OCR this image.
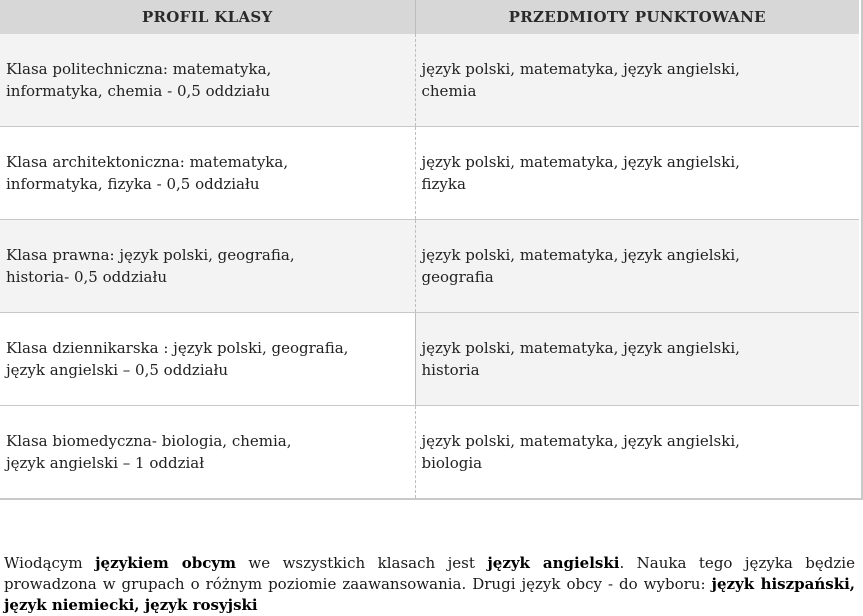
PROFIL KLASY	PRZEDMIOTY PUNKTOWANE
Klasa politechniczna: matematyka,
informatyka, chemia - 0,5 oddziału	język polski, matematyka, język angielski,
chemia
Klasa architektoniczna: matematyka,
informatyka, fizyka - 0,5 oddziału	język polski, matematyka, język angielski,
fizyka
Klasa prawna: język polski, geografia,
historia- 0,5 oddziału	język polski, matematyka, język angielski,
geografia
Klasa dziennikarska : język polski, geografia,
język angielski – 0,5 oddziału	język polski, matematyka, język angielski,
historia
Klasa biomedyczna- biologia, chemia,
język angielski – 1 oddział	język polski, matematyka, język angielski,
biologia

Wiodącym językiem obcym we wszystkich klasach jest język angielski. Nauka tego języka będzie prowadzona w grupach o różnym poziomie zaawansowania. Drugi język obcy - do wyboru: język hiszpański, język niemiecki, język rosyjski
